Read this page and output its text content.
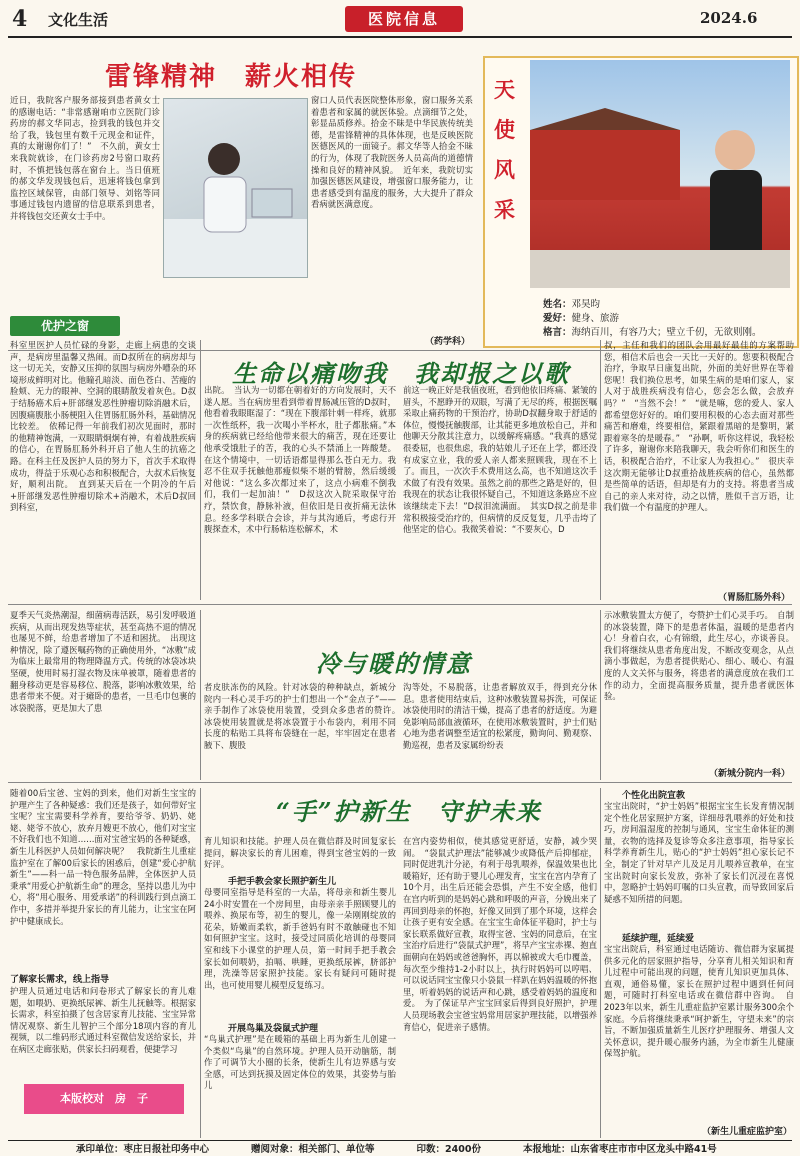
4 文化生活	医院信息	2024.6
雷锋精神　薪火相传
近日，我院客户服务部接到患者黄女士的感谢电话：“非常感谢咱市立医院门诊药房的郝文华同志，捡到我的钱包并交给了我，钱包里有数千元现金和证件，真的太谢谢你们了！”　不久前，黄女士来我院就诊，在门诊药房2号窗口取药时，不慎把钱包落在窗台上。当日值班的郝文华发现钱包后，迅速将钱包拿到监控区域保管，由部门领导、刘铭等同事通过钱包内遗留的信息联系到患者，并将钱包交还黄女士手中。
窗口人员代表医院整体形象，窗口服务关系着患者和家属的就医体验。点滴细节之处，彰显品质修养。拾金不昧是中华民族传统美德，是雷锋精神的具体体现，也是反映医院医德医风的一面镜子。郝文华等人拾金不昧的行为，体现了我院医务人员高尚的道德情操和良好的精神风貌。　近年来，我院切实加强医德医风建设，增强窗口服务能力，让患者感受到有温度的服务，大大提升了群众看病就医满意度。
（药学科）
天使风采
姓名：邓昊昀
爱好：健身、旅游
格言：海纳百川，有容乃大；壁立千仞，无欲则刚。
优护之窗
生命以痛吻我　我却报之以歌
科室里医护人员忙碌的身影，走廊上病患的交谈声，是病房里温馨又热闹。而D叔所在的病房却与这一切无关，安静又压抑的氛围与病房外嘈杂的环境形成鲜明对比。他瞳孔暗淡、面色苍白、苦瘦的脸颊、无力的眼神、空洞的眼睛散发着灰色。D叔于结肠癌术后+肝部继发恶性肿瘤切除消融术后，因腹痛腹胀小肠梗阻入住胃肠肛肠外科，基础情况比较差。　依稀记得一年前我们初次见面时，那时的他精神饱满，一双眼睛炯炯有神，有着战胜疾病的信心，在胃肠肛肠外科开启了他人生的抗癌之路。在科主任及医护人员的努力下，首次手术取得成功，得益于乐观心态和积极配合，大叔术后恢复好，顺利出院。　直到某天后在一个阴冷的午后+肝部继发恶性肿瘤切除术+消融术，术后D叔回到科室，
出院。　当认为一切都在朝着好的方向发展时，天不遂人愿。当在病房里看到带着胃肠减压管的D叔时，他看着我眼眶湿了：“现在下腹部针刺一样疼，就那一次性纸杯，我一次喝小半杯水，肚子都胀痛。”本身的疾病就已经给他带来很大的痛苦，现在还要让他承受饿肚子的苦，我的心头不禁涌上一阵酸楚。在这个情境中，一切话语都显得那么苍白无力。我忍不住双手抚触他那瘦似柴不堪的臂膀，然后缓缓对他说：“这么多次都过来了，这点小病难不倒我们，我们一起加油！”　D叔这次入院采取保守治疗，禁饮食，静脉补液，但依旧是日夜折痛无法休息。经多学科联合会诊，并与其沟通后，考虑行开腹探查术，术中行肠粘连松解术，术
前这一晚正好是我值夜班，看到他依旧疼痛、紧皱的眉头，不愿睁开的双眼，写满了无尽的疼，根据医嘱采取止痛药物的干预治疗，协助D叔翻身取于舒适的体位，慢慢抚触腹部，让其能更多地放松自己，并和他聊天分散其注意力，以缓解疼痛感。“我真的感觉很委屈，也很焦虑，我的姑娘儿子还在上学，都还没有成家立业，我的爱人亲人都来照顾我，现在不上了。而且，一次次手术费用这么高，也不知道这次手术做了有没有效果。虽然之前的那些之路是好的，但我现在的状态让我很怀疑自己，不知道这条路应不应该继续走下去！”D叔泪流满面。　其实D叔之前是非常积极接受治疗的，但病情的反反复复，几乎击垮了他坚定的信心。我微笑着说：“不要灰心，D
叔，主任和我们的团队会用最好最佳的方案帮助您，相信术后也会一天比一天好的。您要积极配合治疗，争取早日康复出院，外面的美好世界在等着您呢！我们换位思考，如果生病的是咱们家人，家人对于战胜疾病没有信心，您会怎么做，会放弃吗？”　“当然不会！”　“就是嘛，您的爱人、家人都希望您好好的。咱们要用积极的心态去面对那些痛苦和磨难，终要相信，紧跟着黑暗的是黎明，紧跟着寒冬的是暖春。”　“孙啊，听你这样说，我轻松了许多，谢谢你来陪我聊天，我会听你们和医生的话，积极配合治疗，不让家人为我担心。”　很庆幸这次期无能够让D叔重拾战胜疾病的信心，虽然都是些简单的话语，但却是有力的支持。将患者当成自己的亲人来对待，动之以情，胜似千言万语，让我们做一个有温度的护理人。
（胃肠肛肠外科）
冷与暖的情意
夏季天气炎热潮湿，细菌病毒活跃，易引发呼吸道疾病，从而出现发热等症状，甚至高热不退的情况也屡见不鲜，给患者增加了不适和困扰。　出现这种情况，除了遵医嘱药物的正确使用外，“冰敷”成为临床上最常用的物理降温方式。传统的冰袋冰块坚硬，使用时易打湿衣物及床单被罩，随着患者的翻身移动更是容易移位、脱落，影响冰敷效果，给患者带来不便。对于瘫卧的患者，一旦毛巾包裹的冰袋脱落，更是加大了患
者皮肤冻伤的风险。针对冰袋的种种缺点，新城分院内一科心灵手巧的护士们想出一个“金点子”——亲手制作了冰袋使用装置，受到众多患者的赞许。　冰袋使用装置就是将冰袋置于小布袋内，利用不同长度的粘贴工具将布袋缝在一起，牢牢固定在患者腋下、腹股
沟等处，不易脱落，让患者解放双手，得到充分休息。患者使用结束后，这种冰敷装置易拆洗，可保证冰袋使用时的清洁干燥，提高了患者的舒适度。为避免影响局部血液循环，在使用冰敷装置时，护士们贴心地为患者调整至适宜的松紧度，勤询问、勤观察、勤巡视，患者及家属纷纷表
示冰敷装置太方便了，夸赞护士们心灵手巧。　自制的冰袋装置，降下的是患者体温，温暖的是患者内心！身着白衣，心有锦缎，此生尽心，亦谈善良。我们将继续从患者角度出发，不断改变观念，从点滴小事做起，为患者提供贴心、细心、暖心、有温度的人文关怀与服务，将患者的满意度放在我们工作的动力，全面提高服务质量，提升患者就医体验。
（新城分院内一科）
“手”护新生　守护未来
随着00后宝爸、宝妈的到来，他们对新生宝宝的护理产生了各种疑惑：我们还是孩子，如何带好宝宝呢？宝宝需要科学养育，要给爷爷、奶奶、姥姥、姥爷不放心，放弃月嫂更不放心，他们对宝宝不好我们也不知道……面对宝爸宝妈的各种疑惑，新生儿科医护人员如何解决呢？　我院新生儿重症监护室在了解00后家长的困惑后，创建“爱心护航新生”——科一品一特色服务品牌，全体医护人员秉承“用爱心护航新生命”的理念，坚持以患儿为中心，将“用心服务、用爱承诺”的科训践行到点滴工作中，多措并举提升家长的育儿能力，让宝宝在阿护中健康成长。
了解家长需求，线上指导
护理人员通过电话和问卷形式了解家长的育儿难题，如喂奶、更换纸尿裤、新生儿抚触等。根据家长需求，科室拍摄了包含居家育儿技能、宝宝异常情况观察、新生儿智护三个部分18项内容的育儿视频，以二维码形式通过科室微信发送给家长，并在病区走廊张贴，供家长扫码观看，便捷学习
育儿知识和技能。护理人员在微信群及时回复家长提问，解决家长的育儿困难，得到宝爸宝妈的一致好评。
手把手教会家长照护新生儿
母婴同室指导是科室的一大品，将母亲和新生婴儿24小时安置在一个房间里，由母亲亲手照顾婴儿的喂养、换尿布等，初生的婴儿，像一朵刚刚绽放的花朵，娇嫩而柔软，新手爸妈有时不敢触碰也不知如何照护宝宝。这时，接受过同质化培训的母婴同室和线下小课堂的护理人员，第一时间手把手教会家长如何喂奶，拍嗝、哄睡，更换纸尿裤，脐部护理，洗澡等居家照护技能。家长有疑问可随时提出，也可使用婴儿模型反复练习。
开展鸟巢及袋鼠式护理
“鸟巢式护理”是在暖箱的基础上再为新生儿创建一个类似“鸟巢”的自然环境。护理人员开动脑筋，制作了可调节大小圈的长条，使新生儿有边界感与安全感，可达到抚摸及固定体位的效果，其姿势与胎儿
在宫内姿势相似，使其感觉更舒适，安静，减少哭闹。　“袋鼠式护理法”能够减少或降低产后抑郁症，同时促进乳汁分泌，有利于母乳喂养，保温效果也比暖箱好，还有助于婴儿心理发育，宝宝在宫内孕育了10个月，出生后还能会恐惧，产生不安全感，他们在宫内听到的是妈妈心跳和呼吸的声音，分娩出来了再回到母亲的怀抱，好像又回到了那个环境，这样会让孩子更有安全感。在宝宝生命体征平稳时，护士与家长联系做好宣教，取得宝爸、宝妈的同意后，在宝宝治疗后进行“袋鼠式护理”，将早产宝宝赤裸、抱直面朝向在妈妈或爸爸胸怀，再以棉被或大毛巾覆盖，每次至少维持1-2小时以上，执行时妈妈可以哼唱、可以说话同宝宝像只小袋鼠一样趴在妈妈温暖的怀抱里，听着妈妈的说话声和心跳，感受着妈妈的温度和爱。　为了保证早产宝宝回家后得到良好照护，护理人员现场教会宝爸宝妈常用居家护理技能，以增强养育信心，促进亲子感情。
个性化出院宣教
宝宝出院时，“护士妈妈”根据宝宝生长发育情况制定个性化居家照护方案，详细母乳喂养的好处和技巧，房间温湿度的控制与通风，宝宝生命体征的测量，衣物的选择及复诊等众多注意事项，指导家长科学养育新生儿，贴心的“护士妈妈”担心家长记不全，制定了针对早产儿及足月儿喂养宣教单，在宝宝出院时向家长发放，弥补了家长们沉浸在喜悦中，忽略护士妈妈叮嘱的口头宣教，而导致回家后疑惑不知所措的问题。
延续护理，延续爱
宝宝出院后，科室通过电话随访、微信群为家属提供多元化的居家照护指导，分享育儿相关知识和育儿过程中可能出现的问题，使育儿知识更加具体、直观，通俗易懂，家长在照护过程中遇到任何问题，可随时打科室电话或在微信群中咨询。　自2023年以来，新生儿重症监护室累计服务300余个家庭。今后将继续秉承“呵护新生，守望未来”的宗旨，不断加强质量新生儿医疗护理服务、增强人文关怀意识，提升暖心服务内涵，为全市新生儿健康保驾护航。
（新生儿重症监护室）
本版校对　房　子
承印单位：枣庄日报社印务中心	赠阅对象：相关部门、单位等	印数：2400份	本报地址：山东省枣庄市市中区龙头中路41号
